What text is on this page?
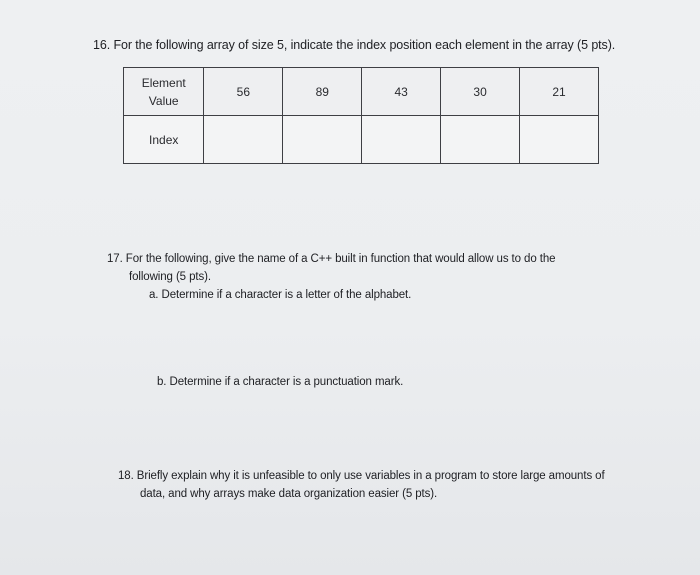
16. For the following array of size 5, indicate the index position each element in the array (5 pts).
Element
Value	56	89	43	30	21
Index					
17. For the following, give the name of a C++ built in function that would allow us to do the
following (5 pts).
a. Determine if a character is a letter of the alphabet.
b. Determine if a character is a punctuation mark.
18. Briefly explain why it is unfeasible to only use variables in a program to store large amounts of
data, and why arrays make data organization easier (5 pts).
